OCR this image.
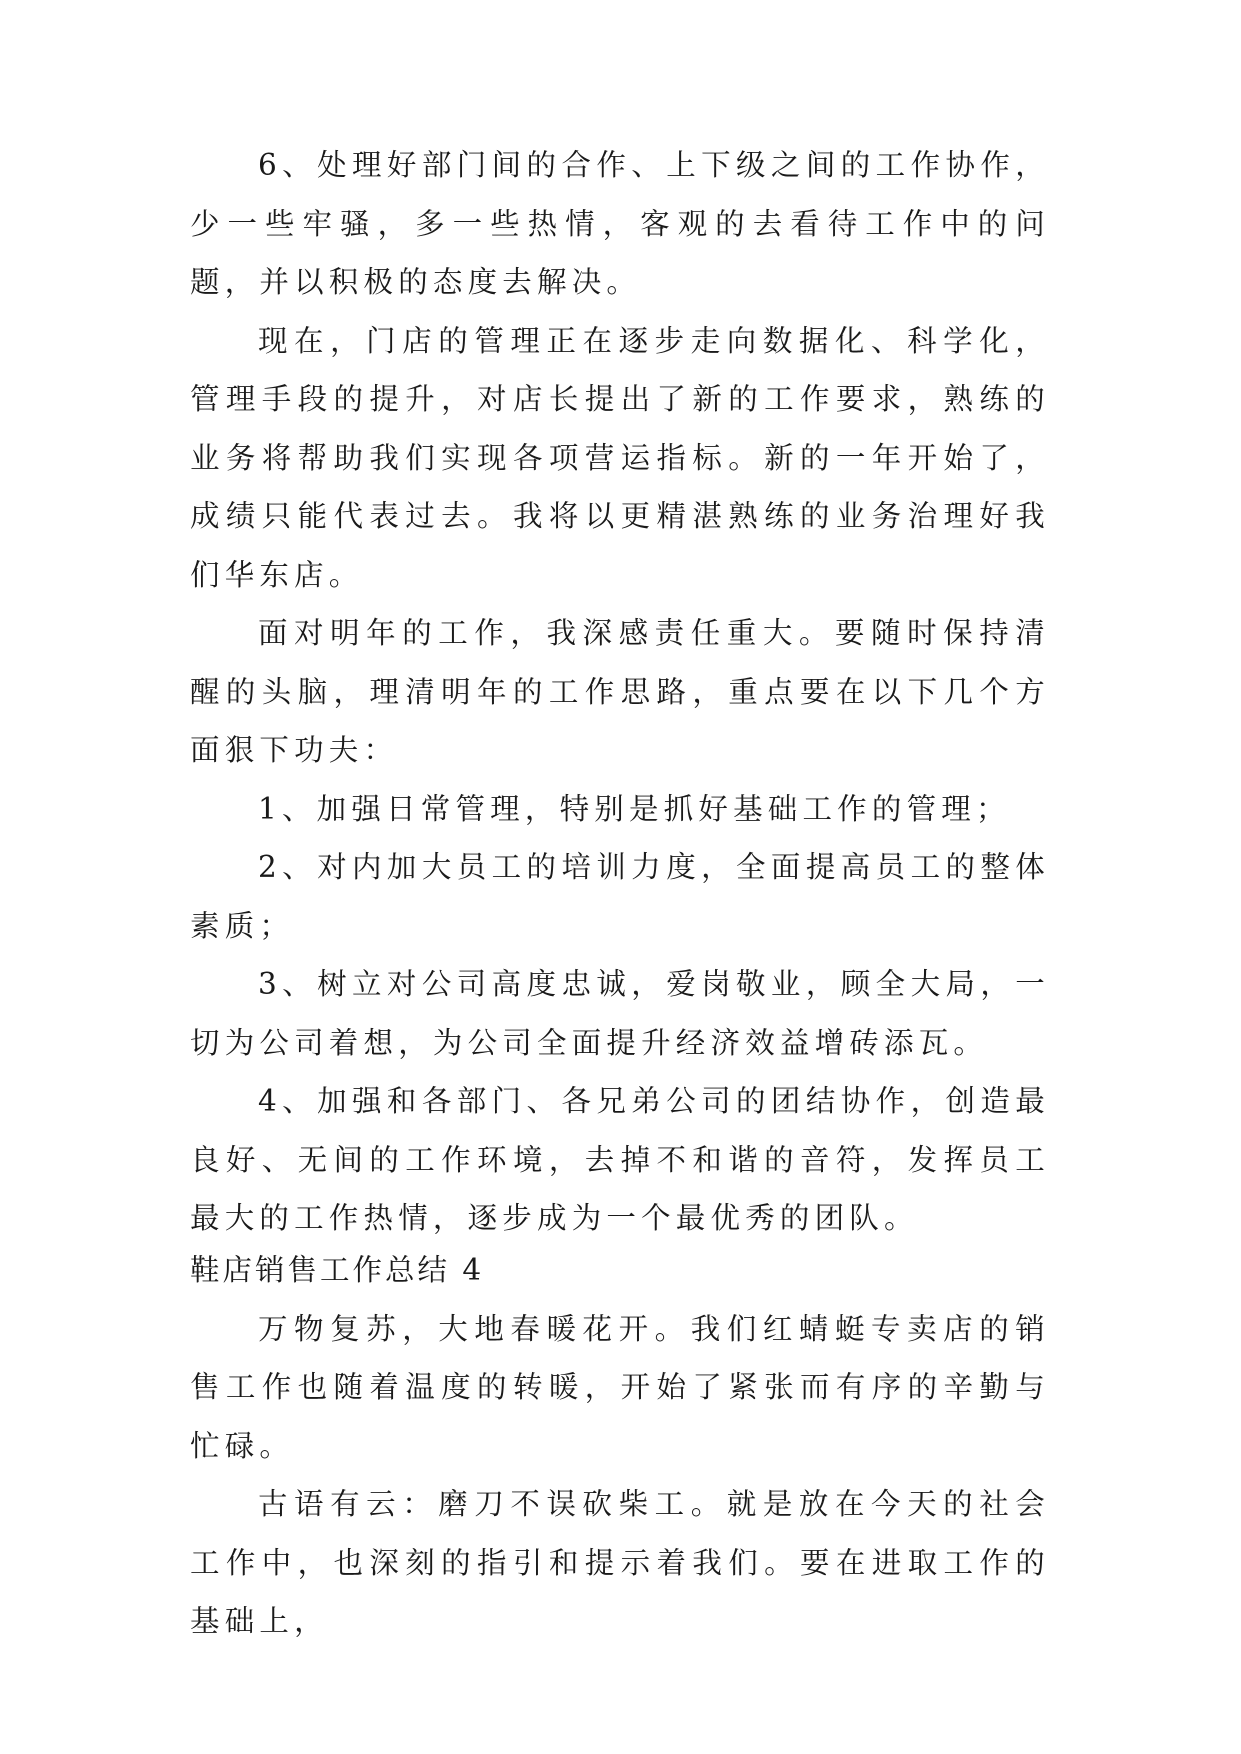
6、处理好部门间的合作、上下级之间的工作协作，少一些牢骚，多一些热情，客观的去看待工作中的问题，并以积极的态度去解决。

现在，门店的管理正在逐步走向数据化、科学化，管理手段的提升，对店长提出了新的工作要求，熟练的业务将帮助我们实现各项营运指标。新的一年开始了，成绩只能代表过去。我将以更精湛熟练的业务治理好我们华东店。

面对明年的工作，我深感责任重大。要随时保持清醒的头脑，理清明年的工作思路，重点要在以下几个方面狠下功夫：

1、加强日常管理，特别是抓好基础工作的管理；

2、对内加大员工的培训力度，全面提高员工的整体素质；

3、树立对公司高度忠诚，爱岗敬业，顾全大局，一切为公司着想，为公司全面提升经济效益增砖添瓦。

4、加强和各部门、各兄弟公司的团结协作，创造最良好、无间的工作环境，去掉不和谐的音符，发挥员工最大的工作热情，逐步成为一个最优秀的团队。

鞋店销售工作总结 4

万物复苏，大地春暖花开。我们红蜻蜓专卖店的销售工作也随着温度的转暖，开始了紧张而有序的辛勤与忙碌。

古语有云：磨刀不误砍柴工。就是放在今天的社会工作中，也深刻的指引和提示着我们。要在进取工作的基础上，
